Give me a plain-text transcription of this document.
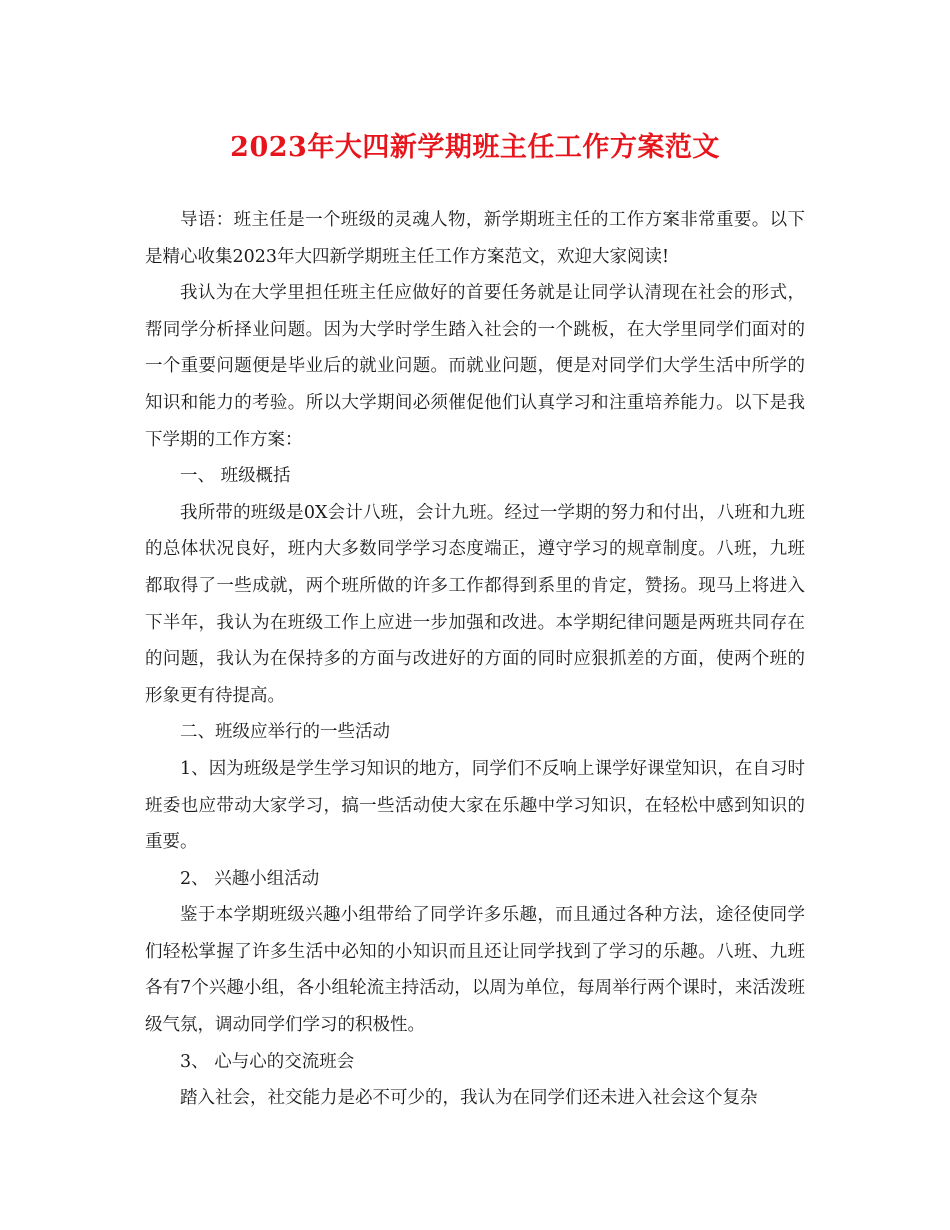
2023年大四新学期班主任工作方案范文

导语：班主任是一个班级的灵魂人物，新学期班主任的工作方案非常重要。以下是精心收集2023年大四新学期班主任工作方案范文，欢迎大家阅读!

我认为在大学里担任班主任应做好的首要任务就是让同学认清现在社会的形式，帮同学分析择业问题。因为大学时学生踏入社会的一个跳板，在大学里同学们面对的一个重要问题便是毕业后的就业问题。而就业问题，便是对同学们大学生活中所学的知识和能力的考验。所以大学期间必须催促他们认真学习和注重培养能力。以下是我下学期的工作方案：

一、 班级概括

我所带的班级是0X会计八班，会计九班。经过一学期的努力和付出，八班和九班的总体状况良好，班内大多数同学学习态度端正，遵守学习的规章制度。八班，九班都取得了一些成就，两个班所做的许多工作都得到系里的肯定，赞扬。现马上将进入下半年，我认为在班级工作上应进一步加强和改进。本学期纪律问题是两班共同存在的问题，我认为在保持多的方面与改进好的方面的同时应狠抓差的方面，使两个班的形象更有待提高。

二、班级应举行的一些活动

1、因为班级是学生学习知识的地方，同学们不反响上课学好课堂知识，在自习时班委也应带动大家学习，搞一些活动使大家在乐趣中学习知识，在轻松中感到知识的重要。

2、 兴趣小组活动

鉴于本学期班级兴趣小组带给了同学许多乐趣，而且通过各种方法，途径使同学们轻松掌握了许多生活中必知的小知识而且还让同学找到了学习的乐趣。八班、九班各有7个兴趣小组，各小组轮流主持活动，以周为单位，每周举行两个课时，来活泼班级气氛，调动同学们学习的积极性。

3、 心与心的交流班会

踏入社会，社交能力是必不可少的，我认为在同学们还未进入社会这个复杂
